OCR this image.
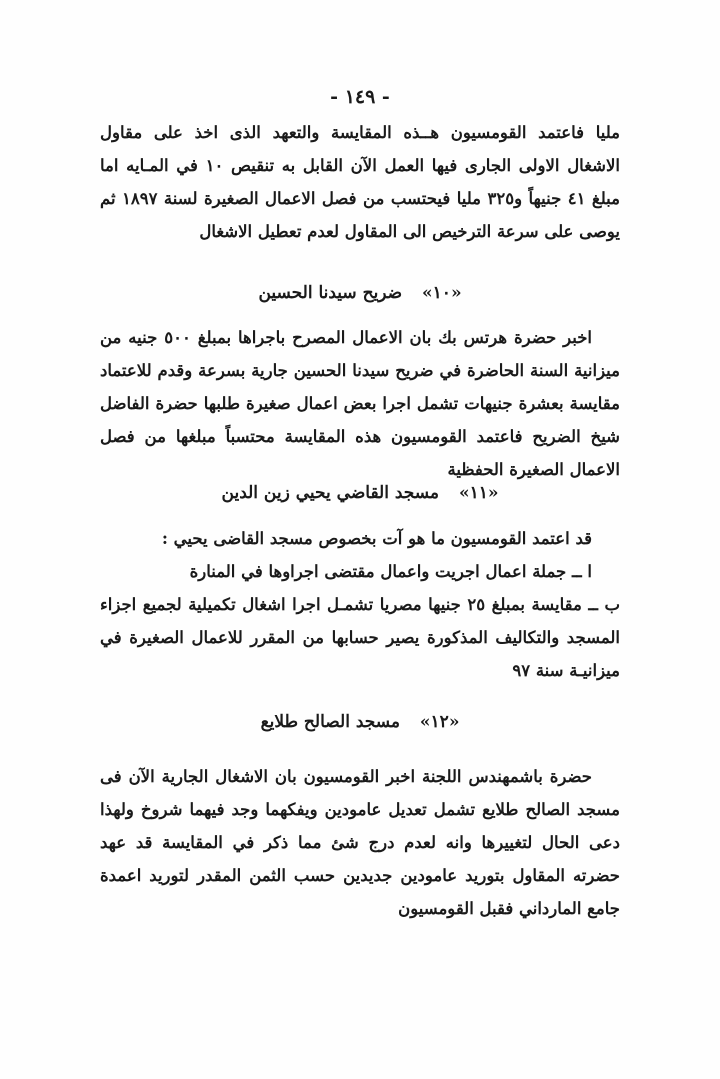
- ١٤٩ -

مليا فاعتمد القومسيون هــذه المقايسة والتعهد الذى اخذ على مقاول الاشغال الاولى الجارى فيها العمل الآن القابل به تنقيص ١٠ في المـايه اما مبلغ ٤١ جنيهاً و٣٢٥ مليا فيحتسب من فصل الاعمال الصغيرة لسنة ١٨٩٧ ثم يوصى على سرعة الترخيص الى المقاول لعدم تعطيل الاشغال

«١٠» ضريح سيدنا الحسين

اخبر حضرة هرتس بك بان الاعمال المصرح باجراها بمبلغ ٥٠٠ جنيه من ميزانية السنة الحاضرة في ضريح سيدنا الحسين جارية بسرعة وقدم للاعتماد مقايسة بعشرة جنيهات تشمل اجرا بعض اعمال صغيرة طلبها حضرة الفاضل شيخ الضريح فاعتمد القومسيون هذه المقايسة محتسباً مبلغها من فصل الاعمال الصغيرة الحفظية

«١١» مسجد القاضي يحيي زين الدين

قد اعتمد القومسيون ما هو آت بخصوص مسجد القاضى يحيي :

ا ــ جملة اعمال اجريت واعمال مقتضى اجراوها في المنارة

ب ــ مقايسة بمبلغ ٢٥ جنيها مصريا تشمـل اجرا اشغال تكميلية لجميع اجزاء المسجد والتكاليف المذكورة يصير حسابها من المقرر للاعمال الصغيرة في ميزانيـة سنة ٩٧

«١٢» مسجد الصالح طلايع

حضرة باشمهندس اللجنة اخبر القومسيون بان الاشغال الجارية الآن فى مسجد الصالح طلايع تشمل تعديل عامودين ويفكهما وجد فيهما شروخ ولهذا دعى الحال لتغييرها وانه لعدم درج شئ مما ذكر في المقايسة قد عهد حضرته المقاول بتوريد عامودين جديدين حسب الثمن المقدر لتوريد اعمدة جامع المارداني فقبل القومسيون
